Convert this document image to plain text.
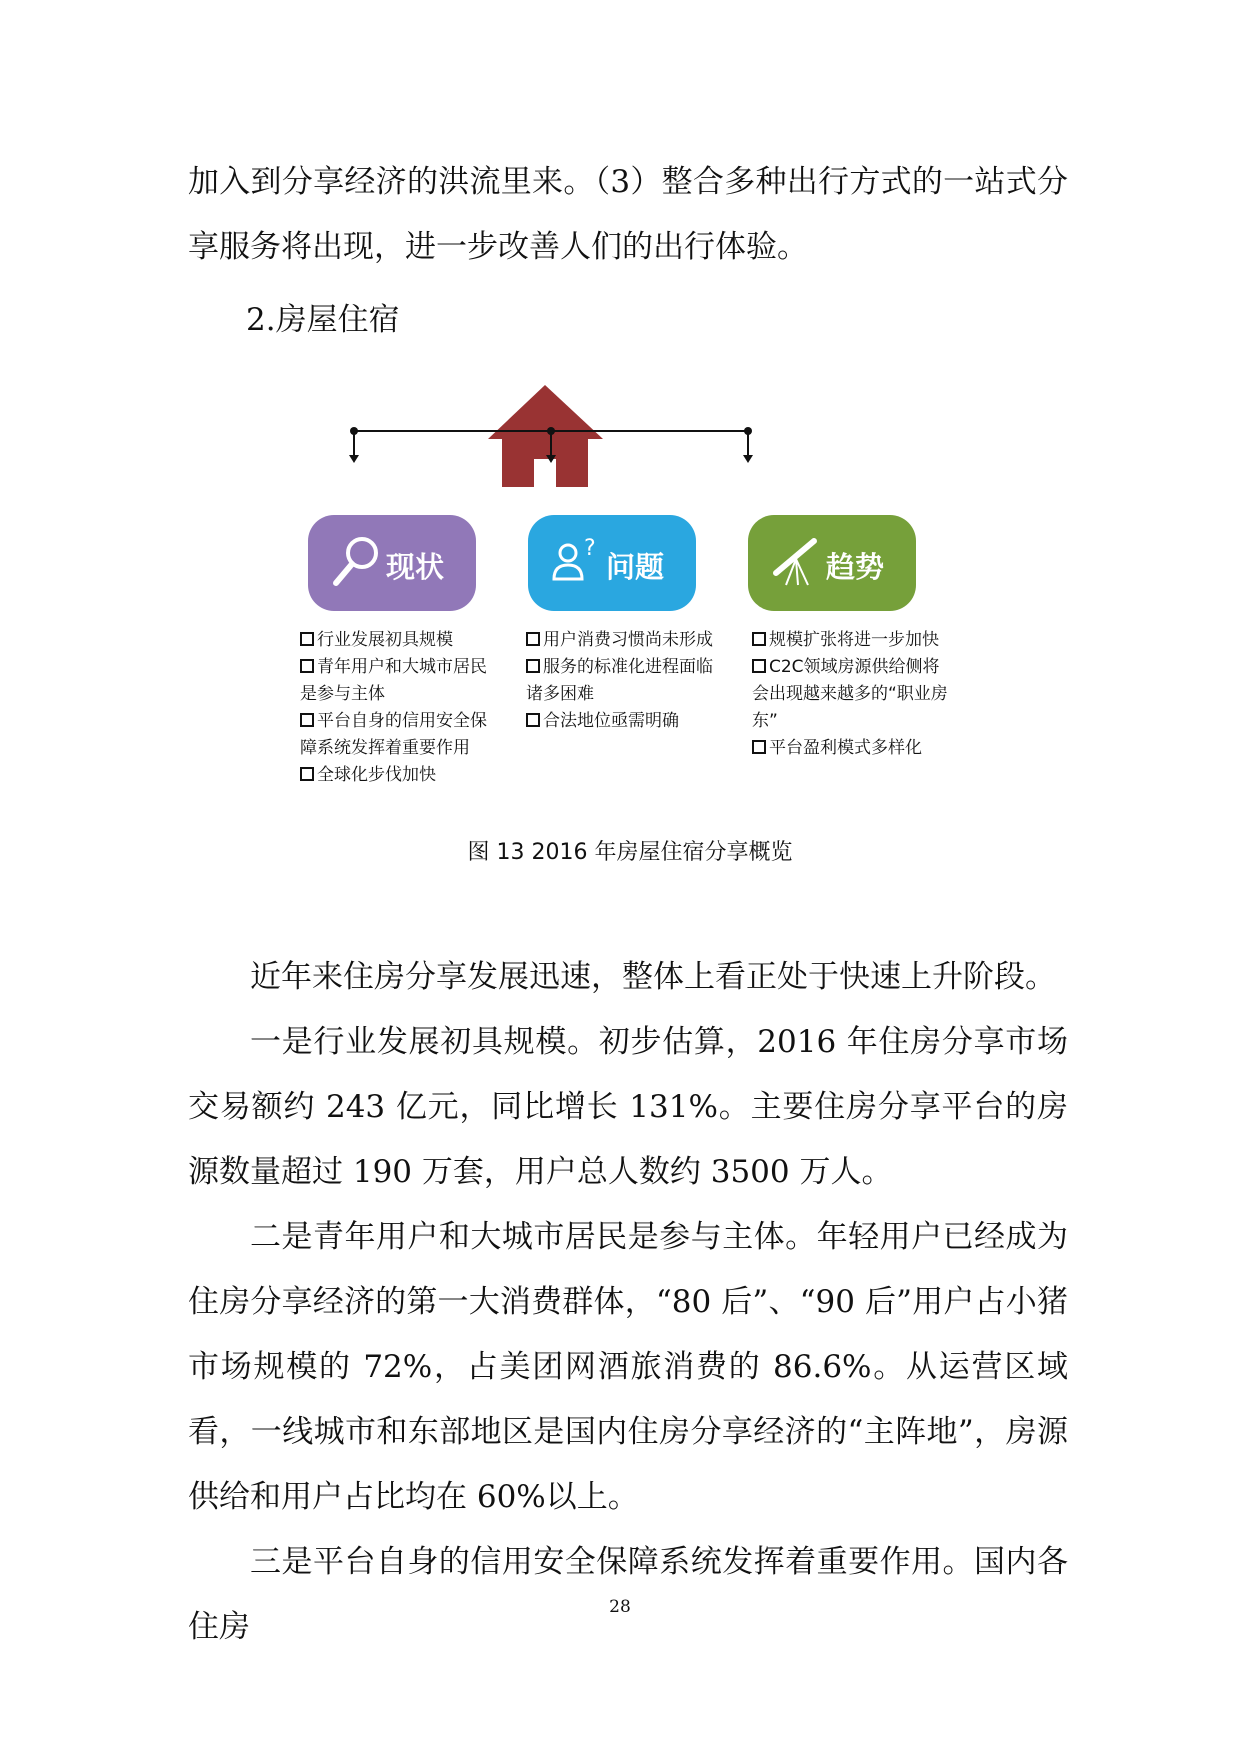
加入到分享经济的洪流里来。（3）整合多种出行方式的一站式分享服务将出现，进一步改善人们的出行体验。

2.房屋住宿

现状
?
问题	趋势
行业发展初具规模
青年用户和大城市居民是参与主体
平台自身的信用安全保障系统发挥着重要作用
全球化步伐加快
用户消费习惯尚未形成
服务的标准化进程面临诸多困难
合法地位亟需明确
规模扩张将进一步加快
C2C领域房源供给侧将会出现越来越多的“职业房东”
平台盈利模式多样化

图 13 2016 年房屋住宿分享概览

近年来住房分享发展迅速，整体上看正处于快速上升阶段。

一是行业发展初具规模。初步估算，2016 年住房分享市场交易额约 243 亿元，同比增长 131%。主要住房分享平台的房源数量超过 190 万套，用户总人数约 3500 万人。

二是青年用户和大城市居民是参与主体。年轻用户已经成为住房分享经济的第一大消费群体，“80 后”、“90 后”用户占小猪市场规模的 72%，占美团网酒旅消费的 86.6%。从运营区域看，一线城市和东部地区是国内住房分享经济的“主阵地”，房源供给和用户占比均在 60%以上。

三是平台自身的信用安全保障系统发挥着重要作用。国内各住房

28
